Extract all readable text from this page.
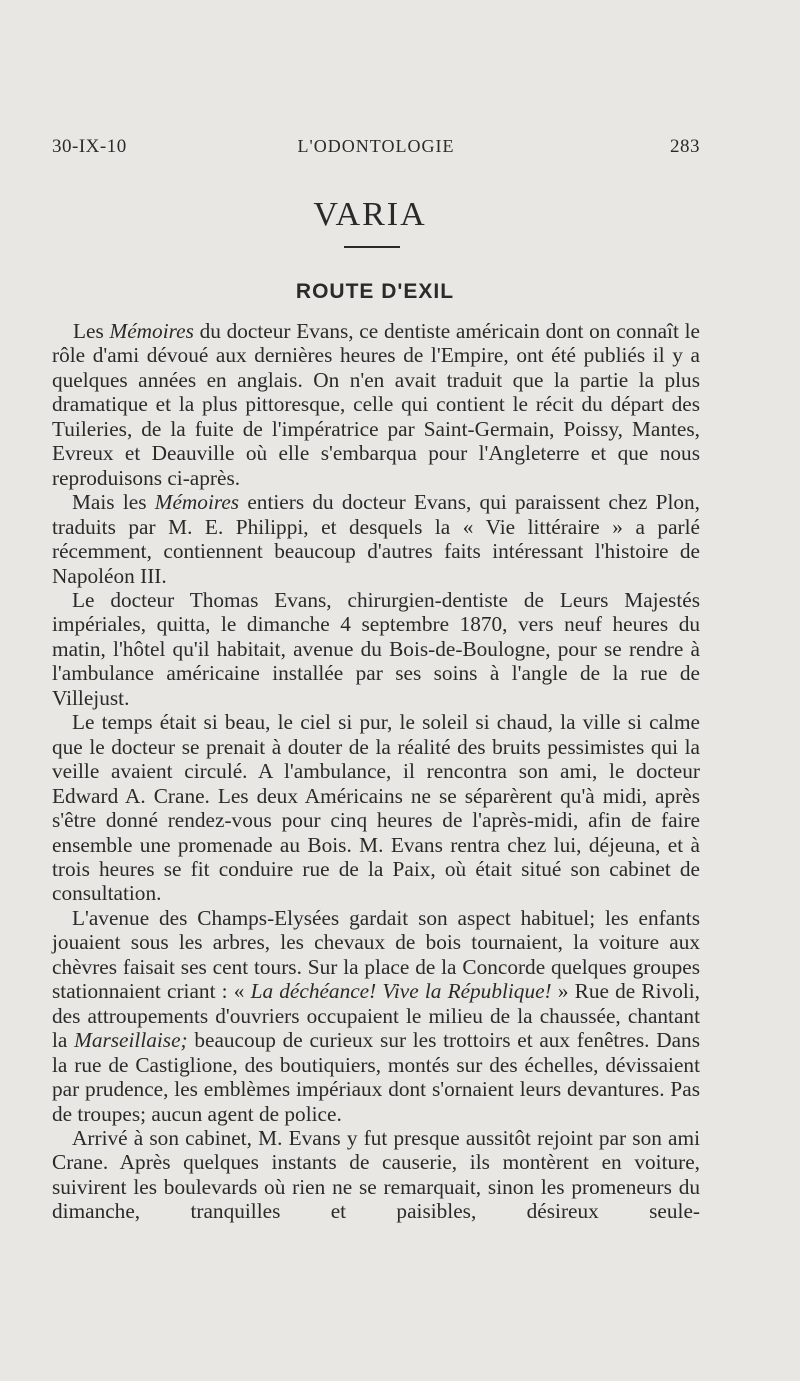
30-IX-10	L'ODONTOLOGIE	283
VARIA
ROUTE D'EXIL

Les Mémoires du docteur Evans, ce dentiste américain dont on connaît le rôle d'ami dévoué aux dernières heures de l'Empire, ont été publiés il y a quelques années en anglais. On n'en avait traduit que la partie la plus dramatique et la plus pittoresque, celle qui contient le récit du départ des Tuileries, de la fuite de l'impératrice par Saint-Germain, Poissy, Mantes, Evreux et Deauville où elle s'embarqua pour l'Angleterre et que nous reproduisons ci-après.

Mais les Mémoires entiers du docteur Evans, qui paraissent chez Plon, traduits par M. E. Philippi, et desquels la « Vie littéraire » a parlé récemment, contiennent beaucoup d'autres faits intéressant l'histoire de Napoléon III.

Le docteur Thomas Evans, chirurgien-dentiste de Leurs Majestés impériales, quitta, le dimanche 4 septembre 1870, vers neuf heures du matin, l'hôtel qu'il habitait, avenue du Bois-de-Boulogne, pour se rendre à l'ambulance américaine installée par ses soins à l'angle de la rue de Villejust.

Le temps était si beau, le ciel si pur, le soleil si chaud, la ville si calme que le docteur se prenait à douter de la réalité des bruits pessimistes qui la veille avaient circulé. A l'ambulance, il rencontra son ami, le docteur Edward A. Crane. Les deux Américains ne se séparèrent qu'à midi, après s'être donné rendez-vous pour cinq heures de l'après-midi, afin de faire ensemble une promenade au Bois. M. Evans rentra chez lui, déjeuna, et à trois heures se fit conduire rue de la Paix, où était situé son cabinet de consultation.

L'avenue des Champs-Elysées gardait son aspect habituel; les enfants jouaient sous les arbres, les chevaux de bois tournaient, la voiture aux chèvres faisait ses cent tours. Sur la place de la Concorde quelques groupes stationnaient criant : « La déchéance! Vive la République! » Rue de Rivoli, des attroupements d'ouvriers occupaient le milieu de la chaussée, chantant la Marseillaise; beaucoup de curieux sur les trottoirs et aux fenêtres. Dans la rue de Castiglione, des boutiquiers, montés sur des échelles, dévissaient par prudence, les emblèmes impériaux dont s'ornaient leurs devantures. Pas de troupes; aucun agent de police.

Arrivé à son cabinet, M. Evans y fut presque aussitôt rejoint par son ami Crane. Après quelques instants de causerie, ils montèrent en voiture, suivirent les boulevards où rien ne se remarquait, sinon les promeneurs du dimanche, tranquilles et paisibles, désireux seule-
